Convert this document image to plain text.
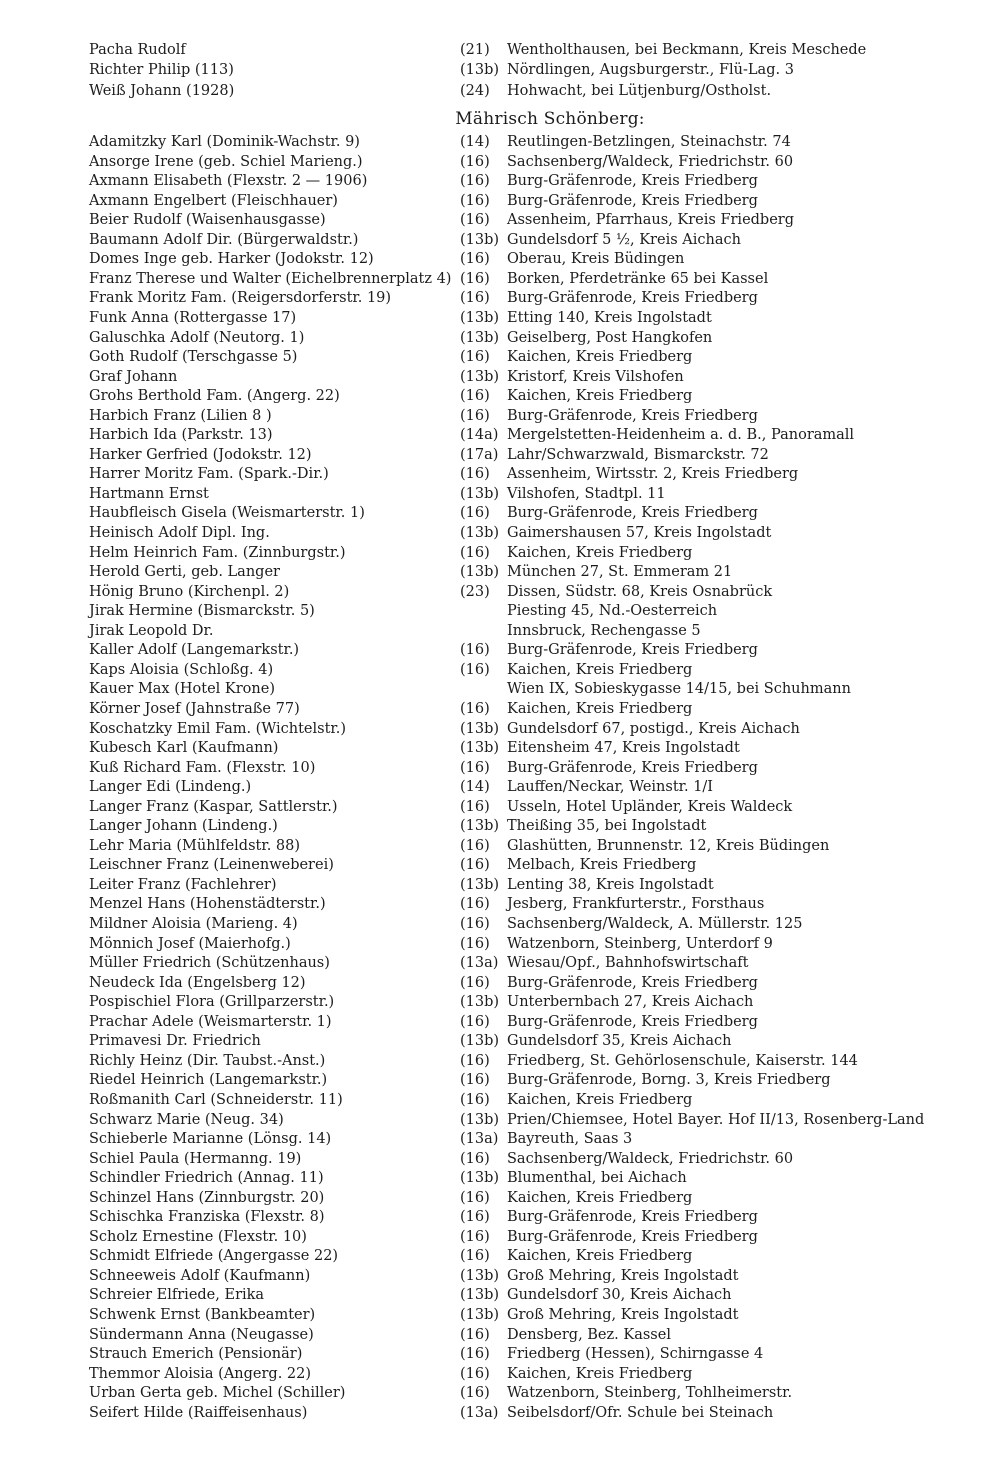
Pacha Rudolf	(21) Wentholthausen, bei Beckmann, Kreis Meschede
Richter Philip (113)	(13b) Nördlingen, Augsburgerstr., Flü-Lag. 3
Weiß Johann (1928)	(24) Hohwacht, bei Lütjenburg/Ostholst.
Mährisch Schönberg:
Adamitzky Karl (Dominik-Wachstr. 9)	(14) Reutlingen-Betzlingen, Steinachstr. 74
Ansorge Irene (geb. Schiel Marieng.)	(16) Sachsenberg/Waldeck, Friedrichstr. 60
Axmann Elisabeth (Flexstr. 2 — 1906)	(16) Burg-Gräfenrode, Kreis Friedberg
Axmann Engelbert (Fleischhauer)	(16) Burg-Gräfenrode, Kreis Friedberg
Beier Rudolf (Waisenhausgasse)	(16) Assenheim, Pfarrhaus, Kreis Friedberg
Baumann Adolf Dir. (Bürgerwaldstr.)	(13b) Gundelsdorf 5 ½, Kreis Aichach
Domes Inge geb. Harker (Jodokstr. 12)	(16) Oberau, Kreis Büdingen
Franz Therese und Walter (Eichelbrennerplatz 4) (16) Borken, Pferdetränke 65 bei Kassel
Frank Moritz Fam. (Reigersdorferstr. 19)	(16) Burg-Gräfenrode, Kreis Friedberg
Funk Anna (Rottergasse 17)	(13b) Etting 140, Kreis Ingolstadt
Galuschka Adolf (Neutorg. 1)	(13b) Geiselberg, Post Hangkofen
Goth Rudolf (Terschgasse 5)	(16) Kaichen, Kreis Friedberg
Graf Johann	(13b) Kristorf, Kreis Vilshofen
Grohs Berthold Fam. (Angerg. 22)	(16) Kaichen, Kreis Friedberg
Harbich Franz (Lilien 8 )	(16) Burg-Gräfenrode, Kreis Friedberg
Harbich Ida (Parkstr. 13)	(14a) Mergelstetten-Heidenheim a. d. B., Panoramall
Harker Gerfried (Jodokstr. 12)	(17a) Lahr/Schwarzwald, Bismarckstr. 72
Harrer Moritz Fam. (Spark.-Dir.)	(16) Assenheim, Wirtsstr. 2, Kreis Friedberg
Hartmann Ernst	(13b) Vilshofen, Stadtpl. 11
Haubfleisch Gisela (Weismarterstr. 1)	(16) Burg-Gräfenrode, Kreis Friedberg
Heinisch Adolf Dipl. Ing.	(13b) Gaimershausen 57, Kreis Ingolstadt
Helm Heinrich Fam. (Zinnburgstr.)	(16) Kaichen, Kreis Friedberg
Herold Gerti, geb. Langer	(13b) München 27, St. Emmeram 21
Hönig Bruno (Kirchenpl. 2)	(23) Dissen, Südstr. 68, Kreis Osnabrück
Jirak Hermine (Bismarckstr. 5)	Piesting 45, Nd.-Oesterreich
Jirak Leopold Dr.	Innsbruck, Rechengasse 5
Kaller Adolf (Langemarkstr.)	(16) Burg-Gräfenrode, Kreis Friedberg
Kaps Aloisia (Schloßg. 4)	(16) Kaichen, Kreis Friedberg
Kauer Max (Hotel Krone)	Wien IX, Sobieskygasse 14/15, bei Schuhmann
Körner Josef (Jahnstraße 77)	(16) Kaichen, Kreis Friedberg
Koschatzky Emil Fam. (Wichtelstr.)	(13b) Gundelsdorf 67, postigd., Kreis Aichach
Kubesch Karl (Kaufmann)	(13b) Eitensheim 47, Kreis Ingolstadt
Kuß Richard Fam. (Flexstr. 10)	(16) Burg-Gräfenrode, Kreis Friedberg
Langer Edi (Lindeng.)	(14) Lauffen/Neckar, Weinstr. 1/I
Langer Franz (Kaspar, Sattlerstr.)	(16) Usseln, Hotel Upländer, Kreis Waldeck
Langer Johann (Lindeng.)	(13b) Theißing 35, bei Ingolstadt
Lehr Maria (Mühlfeldstr. 88)	(16) Glashütten, Brunnenstr. 12, Kreis Büdingen
Leischner Franz (Leinenweberei)	(16) Melbach, Kreis Friedberg
Leiter Franz (Fachlehrer)	(13b) Lenting 38, Kreis Ingolstadt
Menzel Hans (Hohenstädterstr.)	(16) Jesberg, Frankfurterstr., Forsthaus
Mildner Aloisia (Marieng. 4)	(16) Sachsenberg/Waldeck, A. Müllerstr. 125
Mönnich Josef (Maierhofg.)	(16) Watzenborn, Steinberg, Unterdorf 9
Müller Friedrich (Schützenhaus)	(13a) Wiesau/Opf., Bahnhofswirtschaft
Neudeck Ida (Engelsberg 12)	(16) Burg-Gräfenrode, Kreis Friedberg
Pospischiel Flora (Grillparzerstr.)	(13b) Unterbernbach 27, Kreis Aichach
Prachar Adele (Weismarterstr. 1)	(16) Burg-Gräfenrode, Kreis Friedberg
Primavesi Dr. Friedrich	(13b) Gundelsdorf 35, Kreis Aichach
Richly Heinz (Dir. Taubst.-Anst.)	(16) Friedberg, St. Gehörlosenschule, Kaiserstr. 144
Riedel Heinrich (Langemarkstr.)	(16) Burg-Gräfenrode, Borng. 3, Kreis Friedberg
Roßmanith Carl (Schneiderstr. 11)	(16) Kaichen, Kreis Friedberg
Schwarz Marie (Neug. 34)	(13b) Prien/Chiemsee, Hotel Bayer. Hof II/13, Rosenberg-Land
Schieberle Marianne (Lönsg. 14)	(13a) Bayreuth, Saas 3
Schiel Paula (Hermanng. 19)	(16) Sachsenberg/Waldeck, Friedrichstr. 60
Schindler Friedrich (Annag. 11)	(13b) Blumenthal, bei Aichach
Schinzel Hans (Zinnburgstr. 20)	(16) Kaichen, Kreis Friedberg
Schischka Franziska (Flexstr. 8)	(16) Burg-Gräfenrode, Kreis Friedberg
Scholz Ernestine (Flexstr. 10)	(16) Burg-Gräfenrode, Kreis Friedberg
Schmidt Elfriede (Angergasse 22)	(16) Kaichen, Kreis Friedberg
Schneeweis Adolf (Kaufmann)	(13b) Groß Mehring, Kreis Ingolstadt
Schreier Elfriede, Erika	(13b) Gundelsdorf 30, Kreis Aichach
Schwenk Ernst (Bankbeamter)	(13b) Groß Mehring, Kreis Ingolstadt
Sündermann Anna (Neugasse)	(16) Densberg, Bez. Kassel
Strauch Emerich (Pensionär)	(16) Friedberg (Hessen), Schirngasse 4
Themmor Aloisia (Angerg. 22)	(16) Kaichen, Kreis Friedberg
Urban Gerta geb. Michel (Schiller)	(16) Watzenborn, Steinberg, Tohlheimerstr.
Seifert Hilde (Raiffeisenhaus)	(13a) Seibelsdorf/Ofr. Schule bei Steinach
